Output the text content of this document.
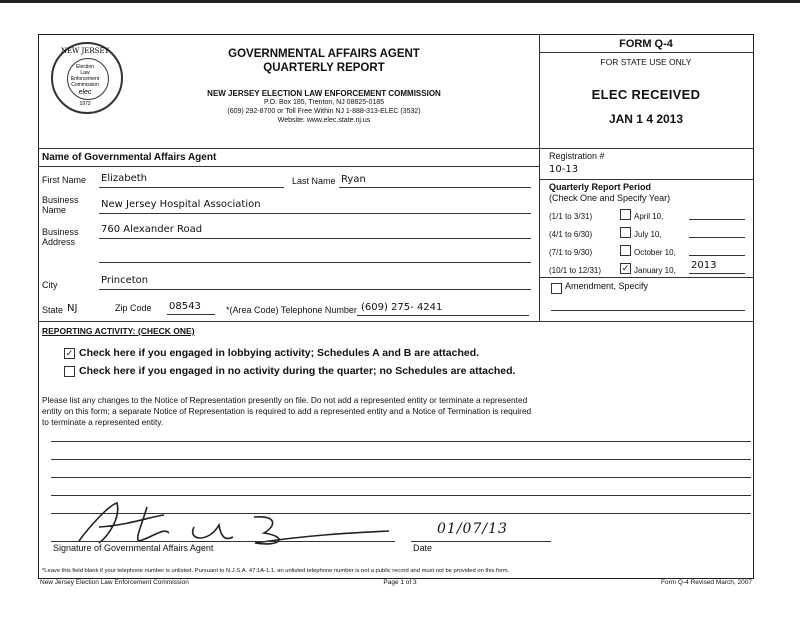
NEW JERSEY
Election
Law
Enforcement
Commission
elec
1973
GOVERNMENTAL AFFAIRS AGENT
QUARTERLY REPORT
NEW JERSEY ELECTION LAW ENFORCEMENT COMMISSION
P.O. Box 185, Trenton, NJ 08625-0185
(609) 292-8700 or Toll Free Within NJ 1-888-313-ELEC (3532)
Website: www.elec.state.nj.us
FORM Q-4
FOR STATE USE ONLY
ELEC RECEIVED
JAN 1 4 2013
Name of Governmental Affairs Agent
First Name Elizabeth	Last Name Ryan
Business
Name	New Jersey Hospital Association
Business
Address
760 Alexander Road
City	Princeton
State NJ	Zip Code 08543	*(Area Code) Telephone Number (609) 275- 4241
Registration #
10-13
Quarterly Report Period
(Check One and Specify Year)
(1/1 to 3/31)	April 10,
(4/1 to 6/30)	July 10,
(7/1 to 9/30)	October 10,
(10/1 to 12/31) ✓ January 10, 2013
Amendment, Specify
REPORTING ACTIVITY: (CHECK ONE)
✓ Check here if you engaged in lobbying activity; Schedules A and B are attached.
Check here if you engaged in no activity during the quarter; no Schedules are attached.
Please list any changes to the Notice of Representation presently on file. Do not add a represented entity or terminate a represented
entity on this form; a separate Notice of Representation is required to add a represented entity and a Notice of Termination is required
to terminate a represented entity.
Signature of Governmental Affairs Agent
01/07/13
Date
*Leave this field blank if your telephone number is unlisted. Pursuant to N.J.S.A. 47:1A-1.1, an unlisted telephone number is not a public record and must not be provided on this form.
New Jersey Election Law Enforcement Commission	Page 1 of 3	Form Q-4 Revised March, 2007
